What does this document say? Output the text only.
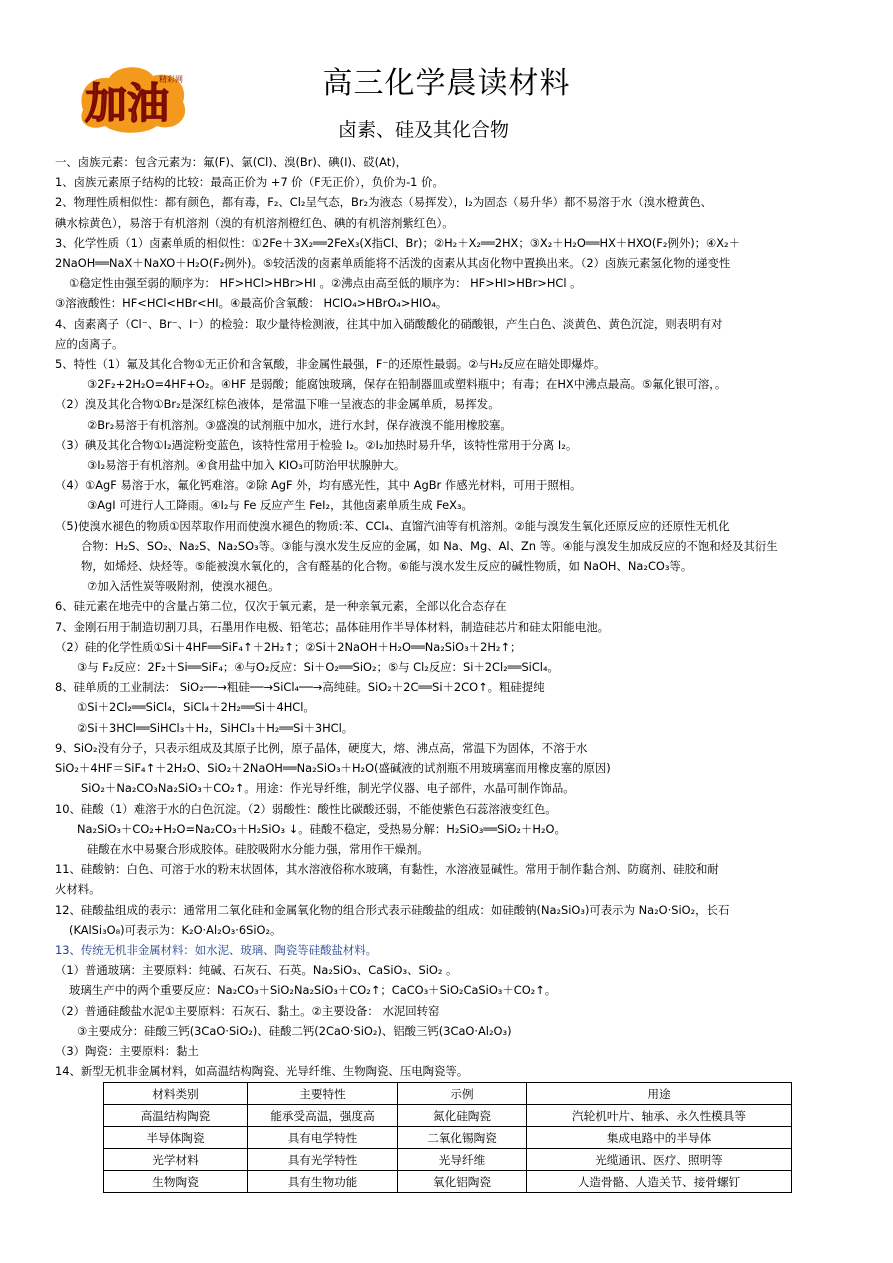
加油
精彩网	高三化学晨读材料
卤素、硅及其化合物
一、卤族元素：包含元素为：氟(F)、氯(Cl)、溴(Br)、碘(I)、砹(At)，
1、卤族元素原子结构的比较：最高正价为 +7 价（F无正价），负价为-1 价。
2、物理性质相似性：都有颜色，都有毒，F₂、Cl₂呈气态，Br₂为液态（易挥发），I₂为固态（易升华）都不易溶于水（溴水橙黄色、
碘水棕黄色），易溶于有机溶剂（溴的有机溶剂橙红色、碘的有机溶剂紫红色）。
3、化学性质（1）卤素单质的相似性：①2Fe＋3X₂══2FeX₃(X指Cl、Br)；②H₂＋X₂══2HX；③X₂＋H₂O══HX＋HXO(F₂例外)；④X₂＋
2NaOH══NaX＋NaXO＋H₂O(F₂例外)。⑤较活泼的卤素单质能将不活泼的卤素从其卤化物中置换出来。（2）卤族元素氢化物的递变性
①稳定性由强至弱的顺序为： HF>HCl>HBr>HI 。②沸点由高至低的顺序为： HF>HI>HBr>HCl 。
③溶液酸性：HF<HCl<HBr<HI。④最高价含氧酸： HClO₄>HBrO₄>HIO₄。
4、卤素离子（Cl⁻、Br⁻、I⁻）的检验：取少量待检测液，往其中加入硝酸酸化的硝酸银，产生白色、淡黄色、黄色沉淀，则表明有对
应的卤离子。
5、特性（1）氟及其化合物①无正价和含氧酸，非金属性最强，F⁻的还原性最弱。②与H₂反应在暗处即爆炸。
③2F₂+2H₂O=4HF+O₂。④HF 是弱酸；能腐蚀玻璃，保存在铅制器皿或塑料瓶中；有毒；在HX中沸点最高。⑤氟化银可溶，。
（2）溴及其化合物①Br₂是深红棕色液体，是常温下唯一呈液态的非金属单质，易挥发。
②Br₂易溶于有机溶剂。③盛溴的试剂瓶中加水，进行水封，保存液溴不能用橡胶塞。
（3）碘及其化合物①I₂遇淀粉变蓝色，该特性常用于检验 I₂。②I₂加热时易升华，该特性常用于分离 I₂。
③I₂易溶于有机溶剂。④食用盐中加入 KIO₃可防治甲状腺肿大。
（4）①AgF 易溶于水，氟化钙难溶。②除 AgF 外，均有感光性，其中 AgBr 作感光材料，可用于照相。
③AgI 可进行人工降雨。④I₂与 Fe 反应产生 FeI₂，其他卤素单质生成 FeX₃。
（5)使溴水褪色的物质①因萃取作用而使溴水褪色的物质:苯、CCl₄、直馏汽油等有机溶剂。②能与溴发生氧化还原反应的还原性无机化
合物：H₂S、SO₂、Na₂S、Na₂SO₃等。③能与溴水发生反应的金属，如 Na、Mg、Al、Zn 等。④能与溴发生加成反应的不饱和烃及其衍生
物，如烯烃、炔烃等。⑤能被溴水氧化的，含有醛基的化合物。⑥能与溴水发生反应的碱性物质，如 NaOH、Na₂CO₃等。
⑦加入活性炭等吸附剂，使溴水褪色。
6、硅元素在地壳中的含量占第二位，仅次于氧元素，是一种亲氧元素，全部以化合态存在
7、金刚石用于制造切割刀具，石墨用作电极、铅笔芯；晶体硅用作半导体材料，制造硅芯片和硅太阳能电池。
（2）硅的化学性质①Si＋4HF══SiF₄↑＋2H₂↑；②Si＋2NaOH＋H₂O══Na₂SiO₃＋2H₂↑；
③与 F₂反应：2F₂＋Si══SiF₄；④与O₂反应：Si＋O₂══SiO₂；⑤与 Cl₂反应：Si＋2Cl₂══SiCl₄。
8、硅单质的工业制法： SiO₂──→粗硅──→SiCl₄──→高纯硅。SiO₂＋2C══Si＋2CO↑。粗硅提纯
①Si＋2Cl₂══SiCl₄，SiCl₄＋2H₂══Si＋4HCl。
②Si＋3HCl══SiHCl₃＋H₂，SiHCl₃＋H₂══Si＋3HCl。
9、SiO₂没有分子，只表示组成及其原子比例，原子晶体，硬度大，熔、沸点高，常温下为固体，不溶于水
SiO₂＋4HF＝SiF₄↑＋2H₂O、SiO₂＋2NaOH══Na₂SiO₃＋H₂O(盛碱液的试剂瓶不用玻璃塞而用橡皮塞的原因)
SiO₂＋Na₂CO₃Na₂SiO₃＋CO₂↑。用途：作光导纤维，制光学仪器、电子部件，水晶可制作饰品。
10、硅酸（1）难溶于水的白色沉淀。（2）弱酸性：酸性比碳酸还弱，不能使紫色石蕊溶液变红色。
Na₂SiO₃＋CO₂+H₂O=Na₂CO₃＋H₂SiO₃ ↓。硅酸不稳定，受热易分解：H₂SiO₃══SiO₂＋H₂O。
硅酸在水中易聚合形成胶体。硅胶吸附水分能力强，常用作干燥剂。
11、硅酸钠：白色、可溶于水的粉末状固体，其水溶液俗称水玻璃，有黏性，水溶液显碱性。常用于制作黏合剂、防腐剂、硅胶和耐
火材料。
12、硅酸盐组成的表示：通常用二氧化硅和金属氧化物的组合形式表示硅酸盐的组成：如硅酸钠(Na₂SiO₃)可表示为 Na₂O·SiO₂，长石
(KAlSi₃O₈)可表示为：K₂O·Al₂O₃·6SiO₂。
13、传统无机非金属材料：如水泥、玻璃、陶瓷等硅酸盐材料。
（1）普通玻璃：主要原料：纯碱、石灰石、石英。Na₂SiO₃、CaSiO₃、SiO₂ 。
玻璃生产中的两个重要反应：Na₂CO₃＋SiO₂Na₂SiO₃＋CO₂↑；CaCO₃＋SiO₂CaSiO₃＋CO₂↑。
（2）普通硅酸盐水泥①主要原料：石灰石、黏土。②主要设备： 水泥回转窑
③主要成分：硅酸三钙(3CaO·SiO₂)、硅酸二钙(2CaO·SiO₂)、铝酸三钙(3CaO·Al₂O₃)
（3）陶瓷：主要原料：黏土
14、新型无机非金属材料，如高温结构陶瓷、光导纤维、生物陶瓷、压电陶瓷等。
材料类别	主要特性	示例	用途
高温结构陶瓷	能承受高温，强度高	氮化硅陶瓷	汽轮机叶片、轴承、永久性模具等
半导体陶瓷	具有电学特性	二氧化锡陶瓷	集成电路中的半导体
光学材料	具有光学特性	光导纤维	光缆通讯、医疗、照明等
生物陶瓷	具有生物功能	氧化铝陶瓷	人造骨骼、人造关节、接骨螺钉
